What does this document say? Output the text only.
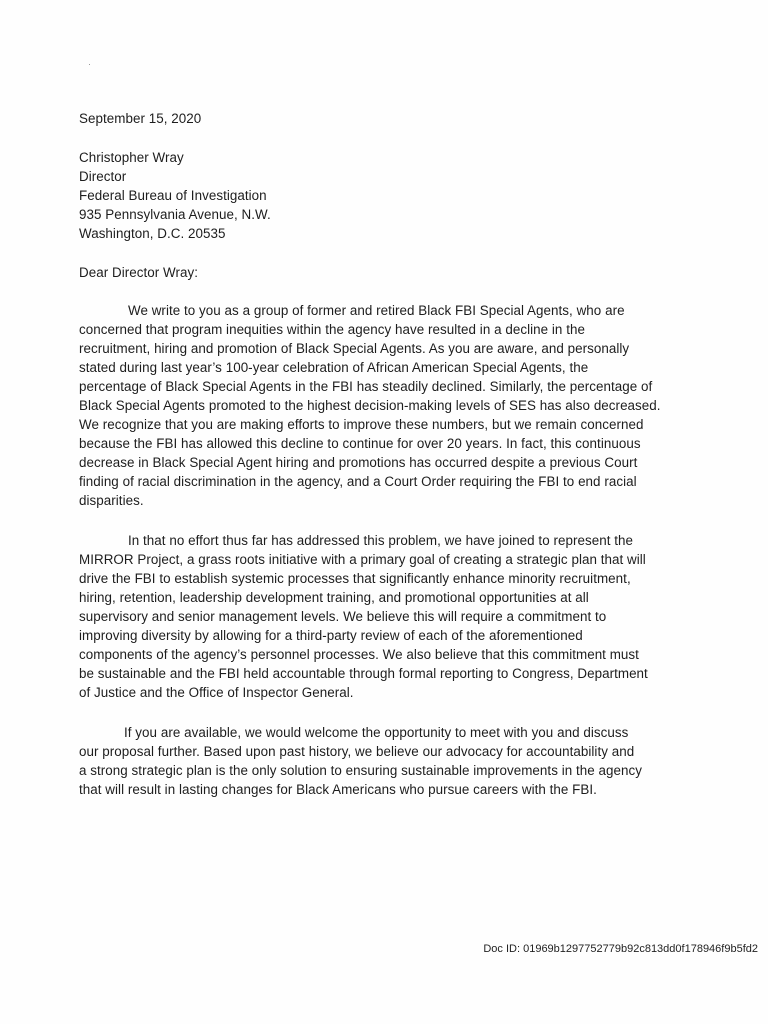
September 15, 2020
Christopher Wray
Director
Federal Bureau of Investigation
935 Pennsylvania Avenue, N.W.
Washington, D.C. 20535
Dear Director Wray:
We write to you as a group of former and retired Black FBI Special Agents, who are
concerned that program inequities within the agency have resulted in a decline in the
recruitment, hiring and promotion of Black Special Agents. As you are aware, and personally
stated during last year’s 100-year celebration of African American Special Agents, the
percentage of Black Special Agents in the FBI has steadily declined. Similarly, the percentage of
Black Special Agents promoted to the highest decision-making levels of SES has also decreased.
We recognize that you are making efforts to improve these numbers, but we remain concerned
because the FBI has allowed this decline to continue for over 20 years. In fact, this continuous
decrease in Black Special Agent hiring and promotions has occurred despite a previous Court
finding of racial discrimination in the agency, and a Court Order requiring the FBI to end racial
disparities.
In that no effort thus far has addressed this problem, we have joined to represent the
MIRROR Project, a grass roots initiative with a primary goal of creating a strategic plan that will
drive the FBI to establish systemic processes that significantly enhance minority recruitment,
hiring, retention, leadership development training, and promotional opportunities at all
supervisory and senior management levels. We believe this will require a commitment to
improving diversity by allowing for a third-party review of each of the aforementioned
components of the agency’s personnel processes. We also believe that this commitment must
be sustainable and the FBI held accountable through formal reporting to Congress, Department
of Justice and the Office of Inspector General.
If you are available, we would welcome the opportunity to meet with you and discuss
our proposal further. Based upon past history, we believe our advocacy for accountability and
a strong strategic plan is the only solution to ensuring sustainable improvements in the agency
that will result in lasting changes for Black Americans who pursue careers with the FBI.
Doc ID: 01969b1297752779b92c813dd0f178946f9b5fd2
